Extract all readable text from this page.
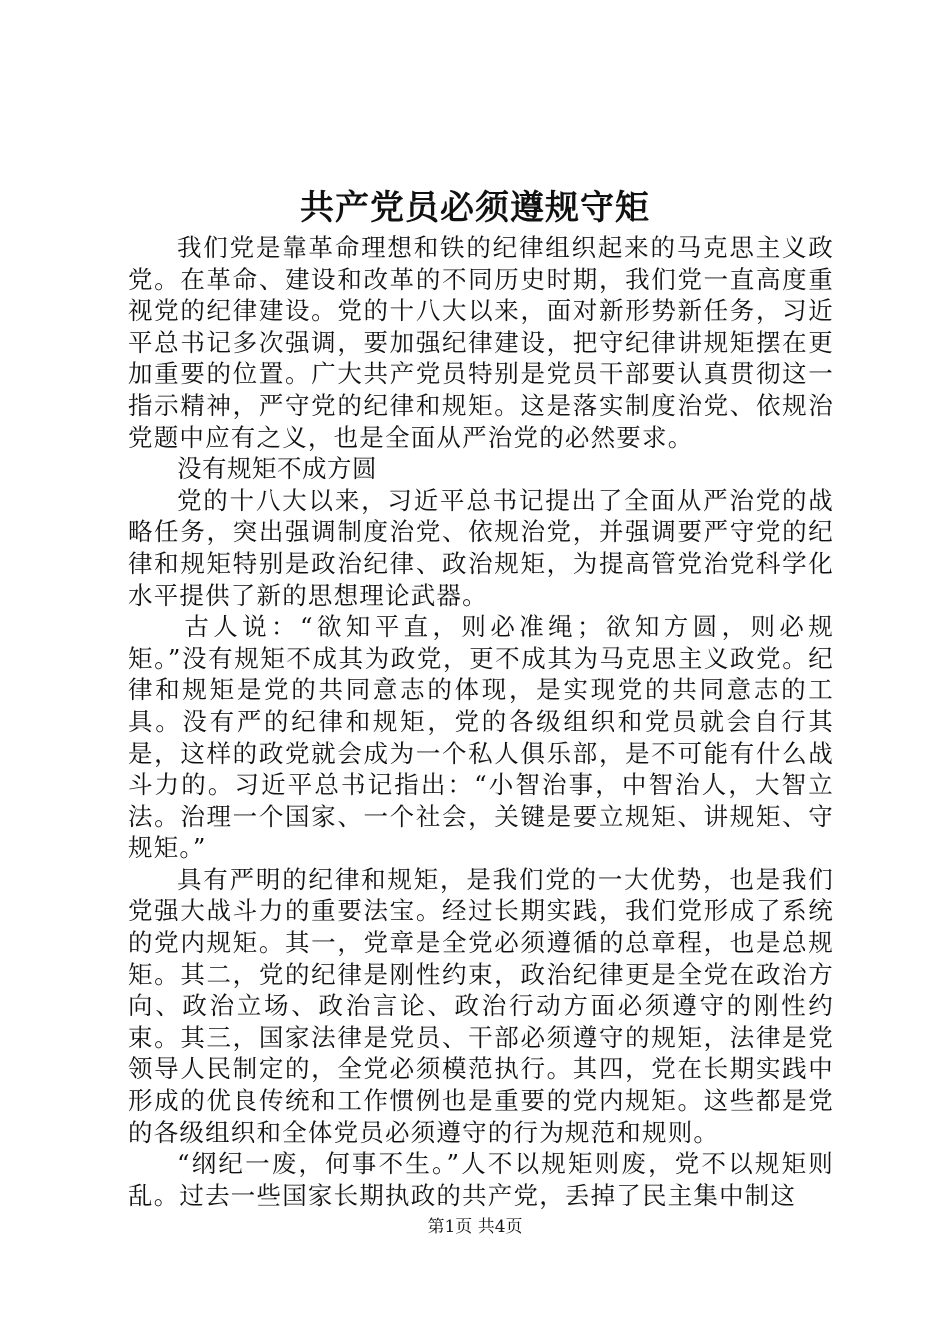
共产党员必须遵规守矩

我们党是靠革命理想和铁的纪律组织起来的马克思主义政党。在革命、建设和改革的不同历史时期，我们党一直高度重视党的纪律建设。党的十八大以来，面对新形势新任务，习近平总书记多次强调，要加强纪律建设，把守纪律讲规矩摆在更加重要的位置。广大共产党员特别是党员干部要认真贯彻这一指示精神，严守党的纪律和规矩。这是落实制度治党、依规治党题中应有之义，也是全面从严治党的必然要求。

没有规矩不成方圆

党的十八大以来，习近平总书记提出了全面从严治党的战略任务，突出强调制度治党、依规治党，并强调要严守党的纪律和规矩特别是政治纪律、政治规矩，为提高管党治党科学化水平提供了新的思想理论武器。

古人说：“欲知平直，则必准绳；欲知方圆，则必规矩。”没有规矩不成其为政党，更不成其为马克思主义政党。纪律和规矩是党的共同意志的体现，是实现党的共同意志的工具。没有严的纪律和规矩，党的各级组织和党员就会自行其是，这样的政党就会成为一个私人俱乐部，是不可能有什么战斗力的。习近平总书记指出：“小智治事，中智治人，大智立法。治理一个国家、一个社会，关键是要立规矩、讲规矩、守规矩。”

具有严明的纪律和规矩，是我们党的一大优势，也是我们党强大战斗力的重要法宝。经过长期实践，我们党形成了系统的党内规矩。其一，党章是全党必须遵循的总章程，也是总规矩。其二，党的纪律是刚性约束，政治纪律更是全党在政治方向、政治立场、政治言论、政治行动方面必须遵守的刚性约束。其三，国家法律是党员、干部必须遵守的规矩，法律是党领导人民制定的，全党必须模范执行。其四，党在长期实践中形成的优良传统和工作惯例也是重要的党内规矩。这些都是党的各级组织和全体党员必须遵守的行为规范和规则。

“纲纪一废，何事不生。”人不以规矩则废，党不以规矩则乱。过去一些国家长期执政的共产党，丢掉了民主集中制这

第1页 共4页
